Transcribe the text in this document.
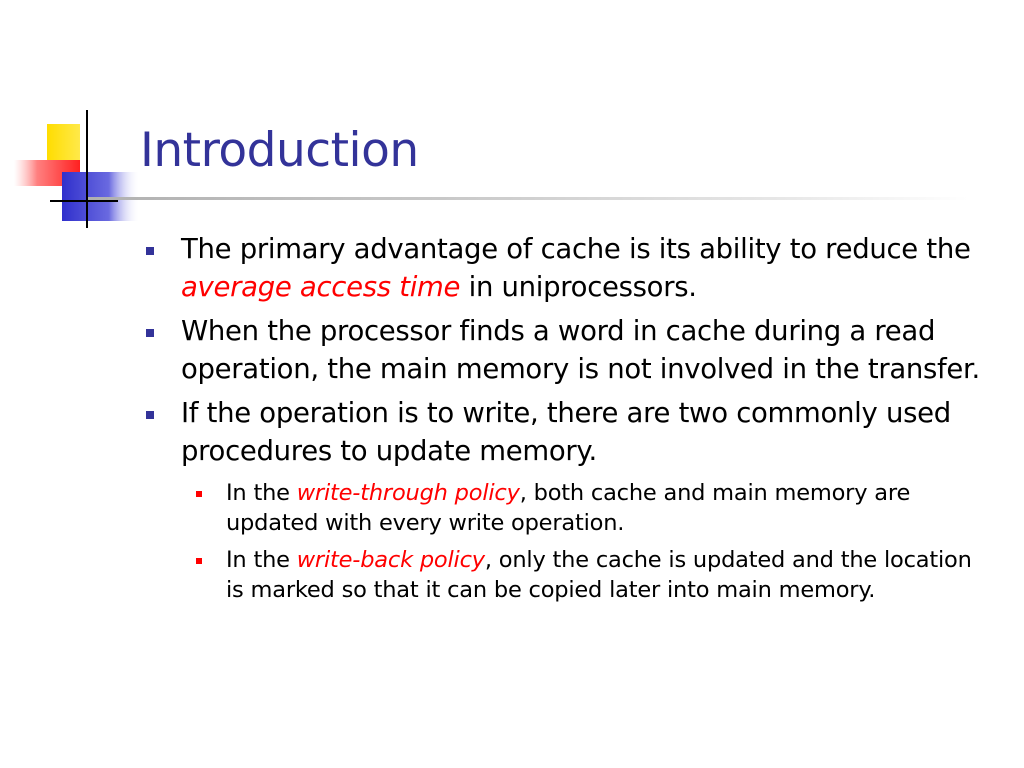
Introduction
The primary advantage of cache is its ability to reduce the average access time in uniprocessors.
When the processor finds a word in cache during a read operation, the main memory is not involved in the transfer.
If the operation is to write, there are two commonly used procedures to update memory.
In the write-through policy, both cache and main memory are updated with every write operation.
In the write-back policy, only the cache is updated and the location is marked so that it can be copied later into main memory.
